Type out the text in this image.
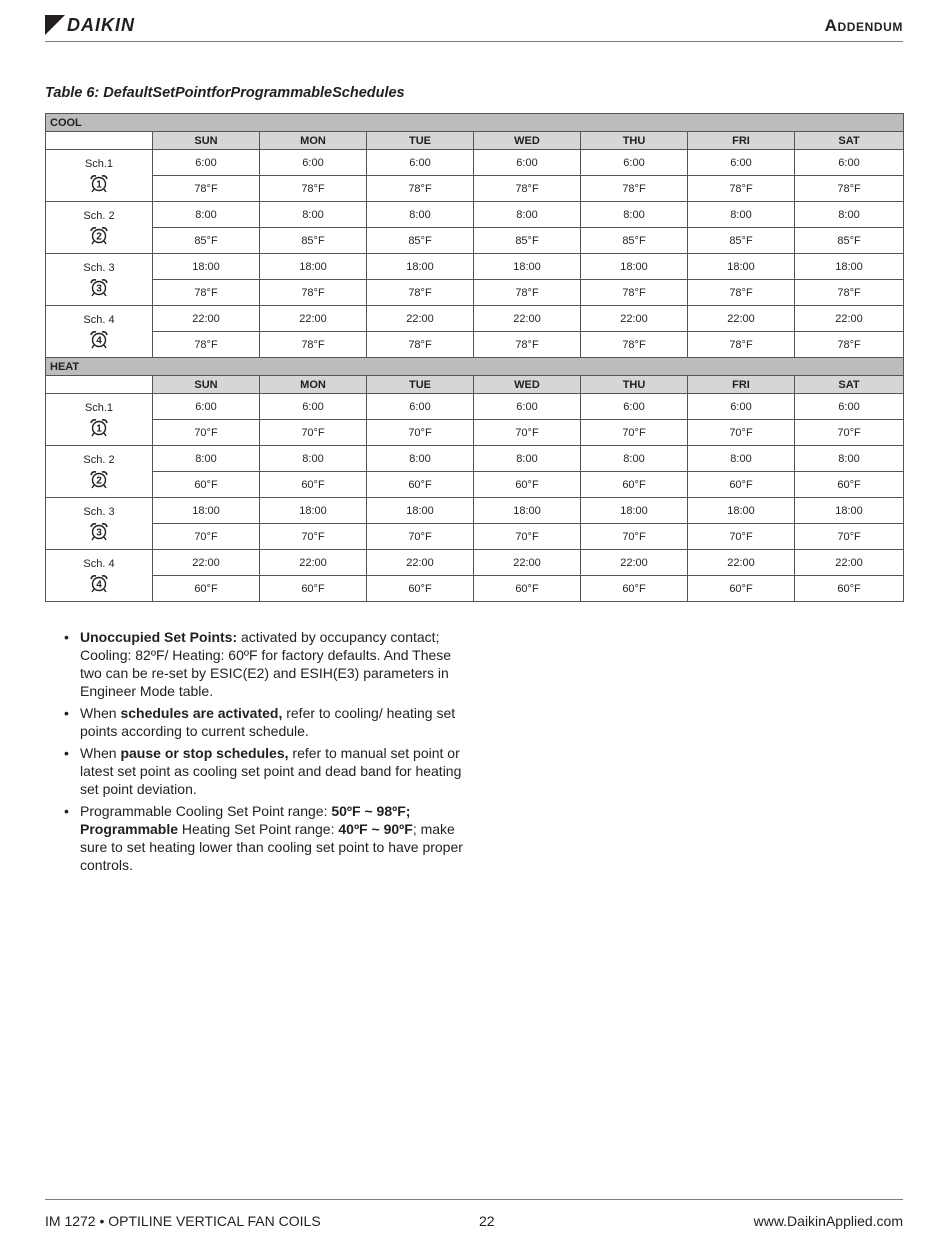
DAIKIN	Addendum
Table 6: DefaultSetPointforProgrammableSchedules
COOL							
	SUN	MON	TUE	WED	THU	FRI	SAT

Sch.1
1	6:00	6:00	6:00	6:00	6:00	6:00	6:00
	78°F	78°F	78°F	78°F	78°F	78°F	78°F

Sch. 2
2	8:00	8:00	8:00	8:00	8:00	8:00	8:00
	85°F	85°F	85°F	85°F	85°F	85°F	85°F

Sch. 3
3	18:00	18:00	18:00	18:00	18:00	18:00	18:00
	78°F	78°F	78°F	78°F	78°F	78°F	78°F

Sch. 4
4	22:00	22:00	22:00	22:00	22:00	22:00	22:00
	78°F	78°F	78°F	78°F	78°F	78°F	78°F
HEAT							
	SUN	MON	TUE	WED	THU	FRI	SAT

Sch.1
1	6:00	6:00	6:00	6:00	6:00	6:00	6:00
	70°F	70°F	70°F	70°F	70°F	70°F	70°F

Sch. 2
2	8:00	8:00	8:00	8:00	8:00	8:00	8:00
	60°F	60°F	60°F	60°F	60°F	60°F	60°F

Sch. 3
3	18:00	18:00	18:00	18:00	18:00	18:00	18:00
	70°F	70°F	70°F	70°F	70°F	70°F	70°F

Sch. 4
4	22:00	22:00	22:00	22:00	22:00	22:00	22:00
	60°F	60°F	60°F	60°F	60°F	60°F	60°F
• Unoccupied Set Points: activated by occupancy contact; Cooling: 82ºF/ Heating: 60ºF for factory defaults. And These two can be re-set by ESIC(E2) and ESIH(E3) parameters in Engineer Mode table.
• When schedules are activated, refer to cooling/ heating set points according to current schedule.
• When pause or stop schedules, refer to manual set point or latest set point as cooling set point and dead band for heating set point deviation.
• Programmable Cooling Set Point range: 50ºF ~ 98ºF;
Programmable Heating Set Point range: 40ºF ~ 90ºF; make sure to set heating lower than cooling set point to have proper controls.
IM 1272 • OPTILINE VERTICAL FAN COILS	22	www.DaikinApplied.com
